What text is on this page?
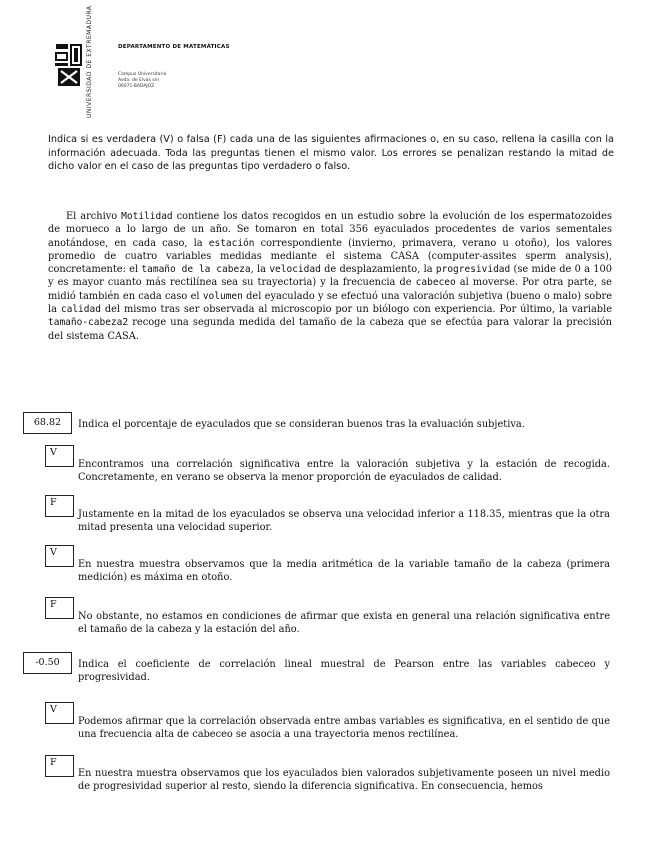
UNIVERSIDAD DE EXTREMADURA	DEPARTAMENTO DE MATEMÁTICAS
Campus Universitario
Avda. de Elvas s/n
06071-BADAJOZ
Indica si es verdadera (V) o falsa (F) cada una de las siguientes afirmaciones o, en su caso, rellena la casilla con la información adecuada. Toda las preguntas tienen el mismo valor. Los errores se penalizan restando la mitad de dicho valor en el caso de las preguntas tipo verdadero o falso.

El archivo Motilidad contiene los datos recogidos en un estudio sobre la evolución de los espermatozoides de morueco a lo largo de un año. Se tomaron en total 356 eyaculados procedentes de varios sementales anotándose, en cada caso, la estación correspondiente (invierno, primavera, verano u otoño), los valores promedio de cuatro variables medidas mediante el sistema CASA (computer-assites sperm analysis), concretamente: el tamaño de la cabeza, la velocidad de desplazamiento, la progresividad (se mide de 0 a 100 y es mayor cuanto más rectilínea sea su trayectoria) y la frecuencia de cabeceo al moverse. Por otra parte, se midió también en cada caso el volumen del eyaculado y se efectuó una valoración subjetiva (bueno o malo) sobre la calidad del mismo tras ser observada al microscopio por un biólogo con experiencia. Por último, la variable tamaño-cabeza2 recoge una segunda medida del tamaño de la cabeza que se efectúa para valorar la precisión del sistema CASA.

68.82	Indica el porcentaje de eyaculados que se consideran buenos tras la evaluación subjetiva.
V
Encontramos una correlación significativa entre la valoración subjetiva y la estación de recogida. Concretamente, en verano se observa la menor proporción de eyaculados de calidad.
F
Justamente en la mitad de los eyaculados se observa una velocidad inferior a 118.35, mientras que la otra mitad presenta una velocidad superior.
V
En nuestra muestra observamos que la media aritmética de la variable tamaño de la cabeza (primera medición) es máxima en otoño.
F
No obstante, no estamos en condiciones de afirmar que exista en general una relación significativa entre el tamaño de la cabeza y la estación del año.
-0.50	Indica el coeficiente de correlación lineal muestral de Pearson entre las variables cabeceo y progresividad.
V
Podemos afirmar que la correlación observada entre ambas variables es significativa, en el sentido de que una frecuencia alta de cabeceo se asocia a una trayectoria menos rectilínea.
F
En nuestra muestra observamos que los eyaculados bien valorados subjetivamente poseen un nivel medio de progresividad superior al resto, siendo la diferencia significativa. En consecuencia, hemos
